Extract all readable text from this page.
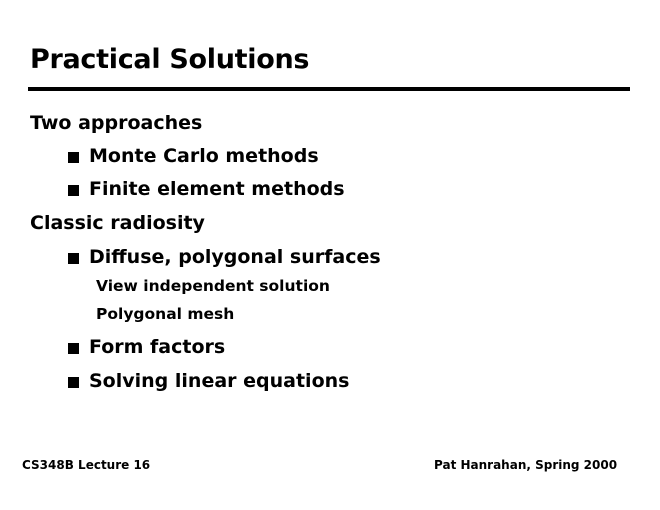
Practical Solutions
Two approaches
Monte Carlo methods
Finite element methods
Classic radiosity
Diffuse, polygonal surfaces
View independent solution
Polygonal mesh
Form factors
Solving linear equations
CS348B Lecture 16	Pat Hanrahan, Spring 2000
